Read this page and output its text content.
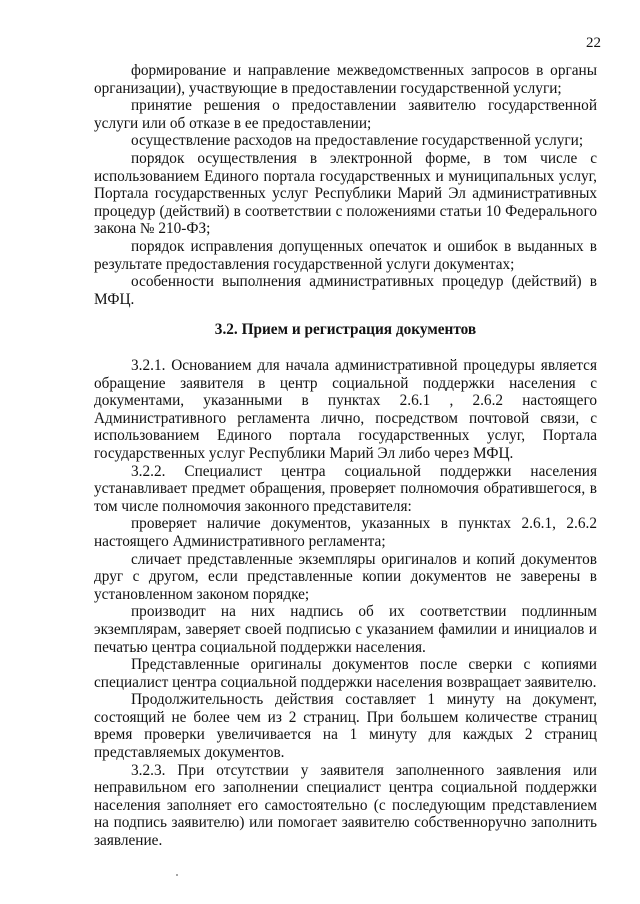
22

формирование и направление межведомственных запросов в органы организации), участвующие в предоставлении государственной услуги;

принятие решения о предоставлении заявителю государственной услуги или об отказе в ее предоставлении;

осуществление расходов на предоставление государственной услуги;

порядок осуществления в электронной форме, в том числе с использованием Единого портала государственных и муниципальных услуг, Портала государственных услуг Республики Марий Эл административных процедур (действий) в соответствии с положениями статьи 10 Федерального закона № 210-ФЗ;

порядок исправления допущенных опечаток и ошибок в выданных в результате предоставления государственной услуги документах;

особенности выполнения административных процедур (действий) в МФЦ.

3.2. Прием и регистрация документов

3.2.1. Основанием для начала административной процедуры является обращение заявителя в центр социальной поддержки населения с документами, указанными в пунктах 2.6.1 , 2.6.2 настоящего Административного регламента лично, посредством почтовой связи, с использованием Единого портала государственных услуг, Портала государственных услуг Республики Марий Эл либо через МФЦ.

3.2.2. Специалист центра социальной поддержки населения устанавливает предмет обращения, проверяет полномочия обратившегося, в том числе полномочия законного представителя:

проверяет наличие документов, указанных в пунктах 2.6.1, 2.6.2 настоящего Административного регламента;

сличает представленные экземпляры оригиналов и копий документов друг с другом, если представленные копии документов не заверены в установленном законом порядке;

производит на них надпись об их соответствии подлинным экземплярам, заверяет своей подписью с указанием фамилии и инициалов и печатью центра социальной поддержки населения.

Представленные оригиналы документов после сверки с копиями специалист центра социальной поддержки населения возвращает заявителю.

Продолжительность действия составляет 1 минуту на документ, состоящий не более чем из 2 страниц. При большем количестве страниц время проверки увеличивается на 1 минуту для каждых 2 страниц представляемых документов.

3.2.3. При отсутствии у заявителя заполненного заявления или неправильном его заполнении специалист центра социальной поддержки населения заполняет его самостоятельно (с последующим представлением на подпись заявителю) или помогает заявителю собственноручно заполнить заявление.
